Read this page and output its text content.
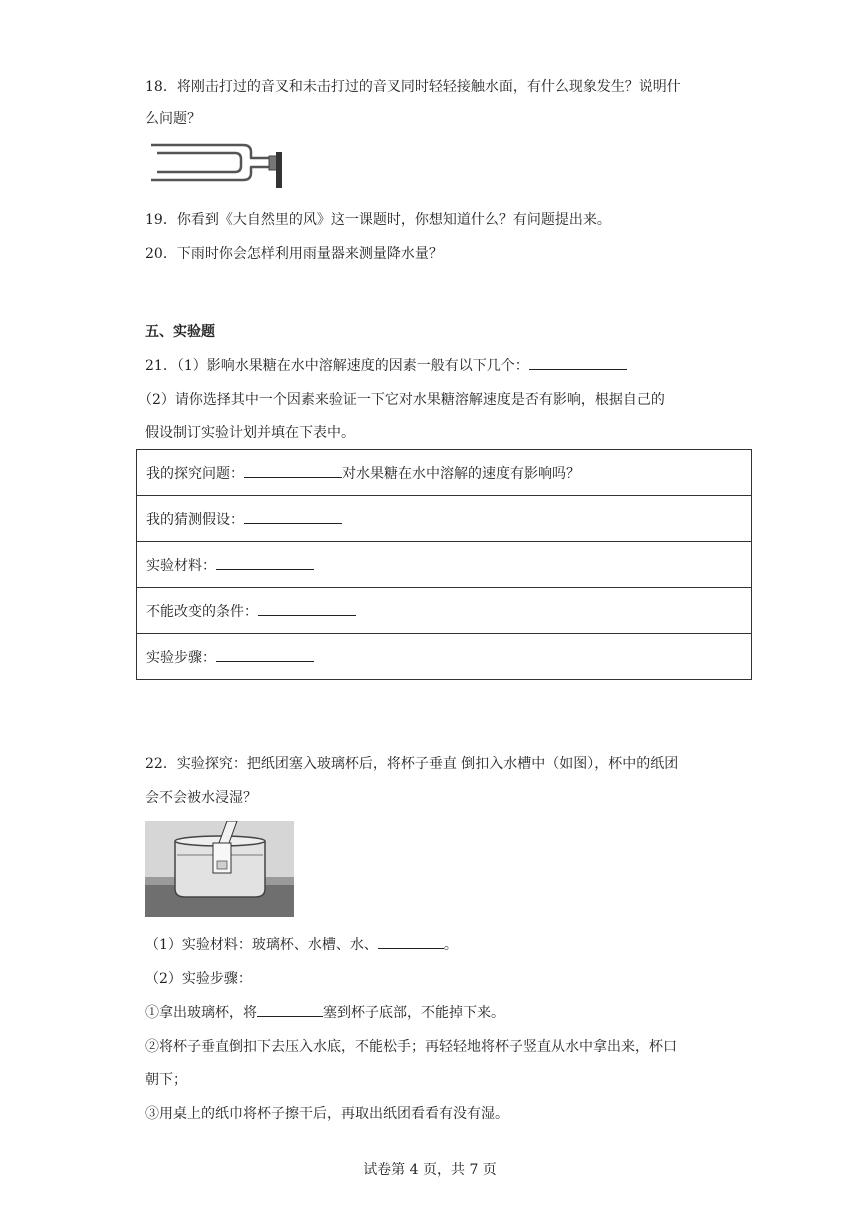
18．将刚击打过的音叉和未击打过的音叉同时轻轻接触水面，有什么现象发生？说明什
么问题？
19．你看到《大自然里的风》这一课题时，你想知道什么？有问题提出来。
20．下雨时你会怎样利用雨量器来测量降水量？
五、实验题
21．（1）影响水果糖在水中溶解速度的因素一般有以下几个：
（2）请你选择其中一个因素来验证一下它对水果糖溶解速度是否有影响，根据自己的
假设制订实验计划并填在下表中。
我的探究问题：	对水果糖在水中溶解的速度有影响吗？
我的猜测假设：
实验材料：
不能改变的条件：
实验步骤：
22．实验探究：把纸团塞入玻璃杯后，将杯子垂直 倒扣入水槽中（如图），杯中的纸团
会不会被水浸湿？
（1）实验材料：玻璃杯、水槽、水、	。
（2）实验步骤：
①拿出玻璃杯，将	塞到杯子底部，不能掉下来。
②将杯子垂直倒扣下去压入水底，不能松手；再轻轻地将杯子竖直从水中拿出来，杯口
朝下；
③用桌上的纸巾将杯子擦干后，再取出纸团看看有没有湿。
试卷第 4 页，共 7 页
